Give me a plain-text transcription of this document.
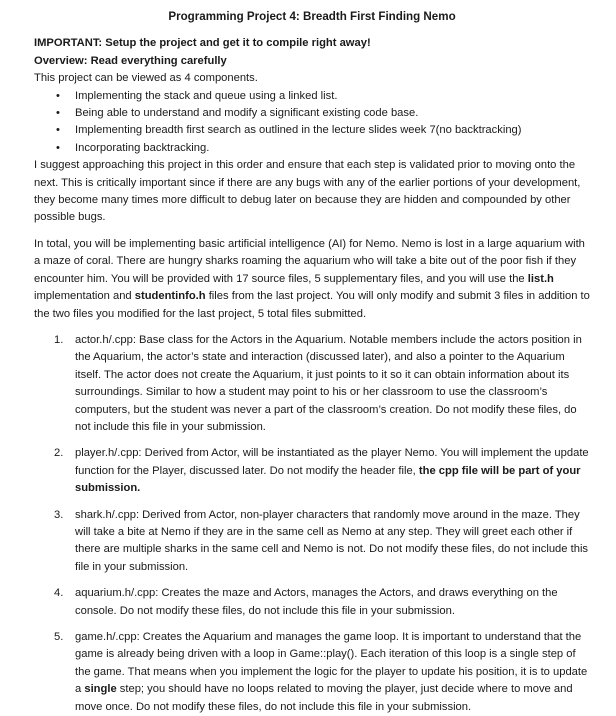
Programming Project 4: Breadth First Finding Nemo

IMPORTANT: Setup the project and get it to compile right away!

Overview: Read everything carefully

This project can be viewed as 4 components.

• Implementing the stack and queue using a linked list.
• Being able to understand and modify a significant existing code base.
• Implementing breadth first search as outlined in the lecture slides week 7(no backtracking)
• Incorporating backtracking.

I suggest approaching this project in this order and ensure that each step is validated prior to moving onto the next. This is critically important since if there are any bugs with any of the earlier portions of your development, they become many times more difficult to debug later on because they are hidden and compounded by other possible bugs.

In total, you will be implementing basic artificial intelligence (AI) for Nemo. Nemo is lost in a large aquarium with a maze of coral. There are hungry sharks roaming the aquarium who will take a bite out of the poor fish if they encounter him. You will be provided with 17 source files, 5 supplementary files, and you will use the list.h implementation and studentinfo.h files from the last project. You will only modify and submit 3 files in addition to the two files you modified for the last project, 5 total files submitted.

1. actor.h/.cpp: Base class for the Actors in the Aquarium. Notable members include the actors position in the Aquarium, the actor’s state and interaction (discussed later), and also a pointer to the Aquarium itself. The actor does not create the Aquarium, it just points to it so it can obtain information about its surroundings. Similar to how a student may point to his or her classroom to use the classroom’s computers, but the student was never a part of the classroom’s creation. Do not modify these files, do not include this file in your submission.
2. player.h/.cpp: Derived from Actor, will be instantiated as the player Nemo. You will implement the update function for the Player, discussed later. Do not modify the header file, the cpp file will be part of your submission.
3. shark.h/.cpp: Derived from Actor, non-player characters that randomly move around in the maze. They will take a bite at Nemo if they are in the same cell as Nemo at any step. They will greet each other if there are multiple sharks in the same cell and Nemo is not. Do not modify these files, do not include this file in your submission.
4. aquarium.h/.cpp: Creates the maze and Actors, manages the Actors, and draws everything on the console. Do not modify these files, do not include this file in your submission.
5. game.h/.cpp: Creates the Aquarium and manages the game loop. It is important to understand that the game is already being driven with a loop in Game::play(). Each iteration of this loop is a single step of the game. That means when you implement the logic for the player to update his position, it is to update a single step; you should have no loops related to moving the player, just decide where to move and move once. Do not modify these files, do not include this file in your submission.
